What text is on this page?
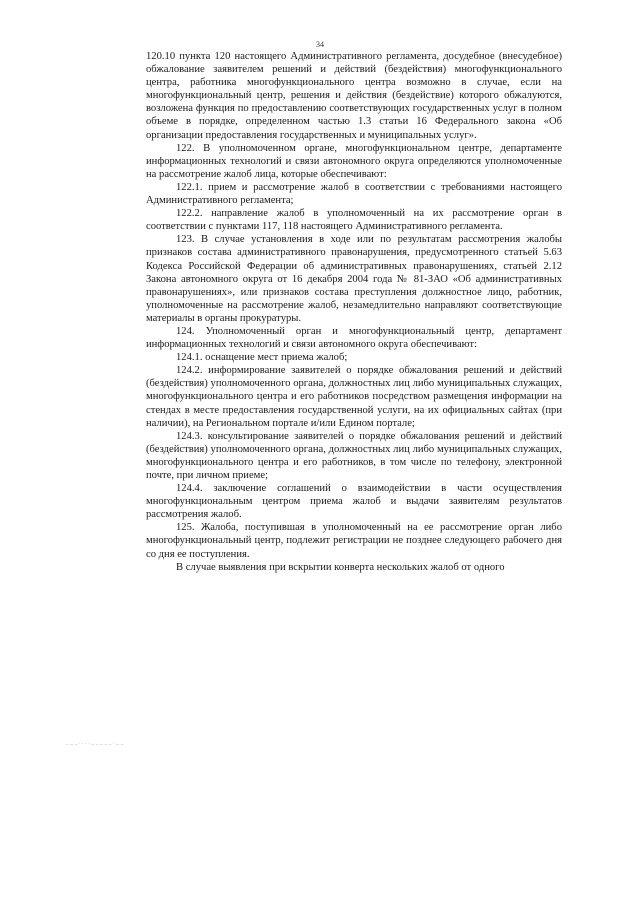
34

120.10 пункта 120 настоящего Административного регламента, досудебное (внесудебное) обжалование заявителем решений и действий (бездействия) многофункционального центра, работника многофункционального центра возможно в случае, если на многофункциональный центр, решения и действия (бездействие) которого обжалуются, возложена функция по предоставлению соответствующих государственных услуг в полном объеме в порядке, определенном частью 1.3 статьи 16 Федерального закона «Об организации предоставления государственных и муниципальных услуг».

122. В уполномоченном органе, многофункциональном центре, департаменте информационных технологий и связи автономного округа определяются уполномоченные на рассмотрение жалоб лица, которые обеспечивают:

122.1. прием и рассмотрение жалоб в соответствии с требованиями настоящего Административного регламента;

122.2. направление жалоб в уполномоченный на их рассмотрение орган в соответствии с пунктами 117, 118 настоящего Административного регламента.

123. В случае установления в ходе или по результатам рассмотрения жалобы признаков состава административного правонарушения, предусмотренного статьей 5.63 Кодекса Российской Федерации об административных правонарушениях, статьей 2.12 Закона автономного округа от 16 декабря 2004 года № 81-ЗАО «Об административных правонарушениях», или признаков состава преступления должностное лицо, работник, уполномоченные на рассмотрение жалоб, незамедлительно направляют соответствующие материалы в органы прокуратуры.

124. Уполномоченный орган и многофункциональный центр, департамент информационных технологий и связи автономного округа обеспечивают:

124.1. оснащение мест приема жалоб;

124.2. информирование заявителей о порядке обжалования решений и действий (бездействия) уполномоченного органа, должностных лиц либо муниципальных служащих, многофункционального центра и его работников посредством размещения информации на стендах в месте предоставления государственной услуги, на их официальных сайтах (при наличии), на Региональном портале и/или Едином портале;

124.3. консультирование заявителей о порядке обжалования решений и действий (бездействия) уполномоченного органа, должностных лиц либо муниципальных служащих, многофункционального центра и его работников, в том числе по телефону, электронной почте, при личном приеме;

124.4. заключение соглашений о взаимодействии в части осуществления многофункциональным центром приема жалоб и выдачи заявителям результатов рассмотрения жалоб.

125. Жалоба, поступившая в уполномоченный на ее рассмотрение орган либо многофункциональный центр, подлежит регистрации не позднее следующего рабочего дня со дня ее поступления.

В случае выявления при вскрытии конверта нескольких жалоб от одного

_ _ _ . . . . _ _ _ _ _ . _ _
